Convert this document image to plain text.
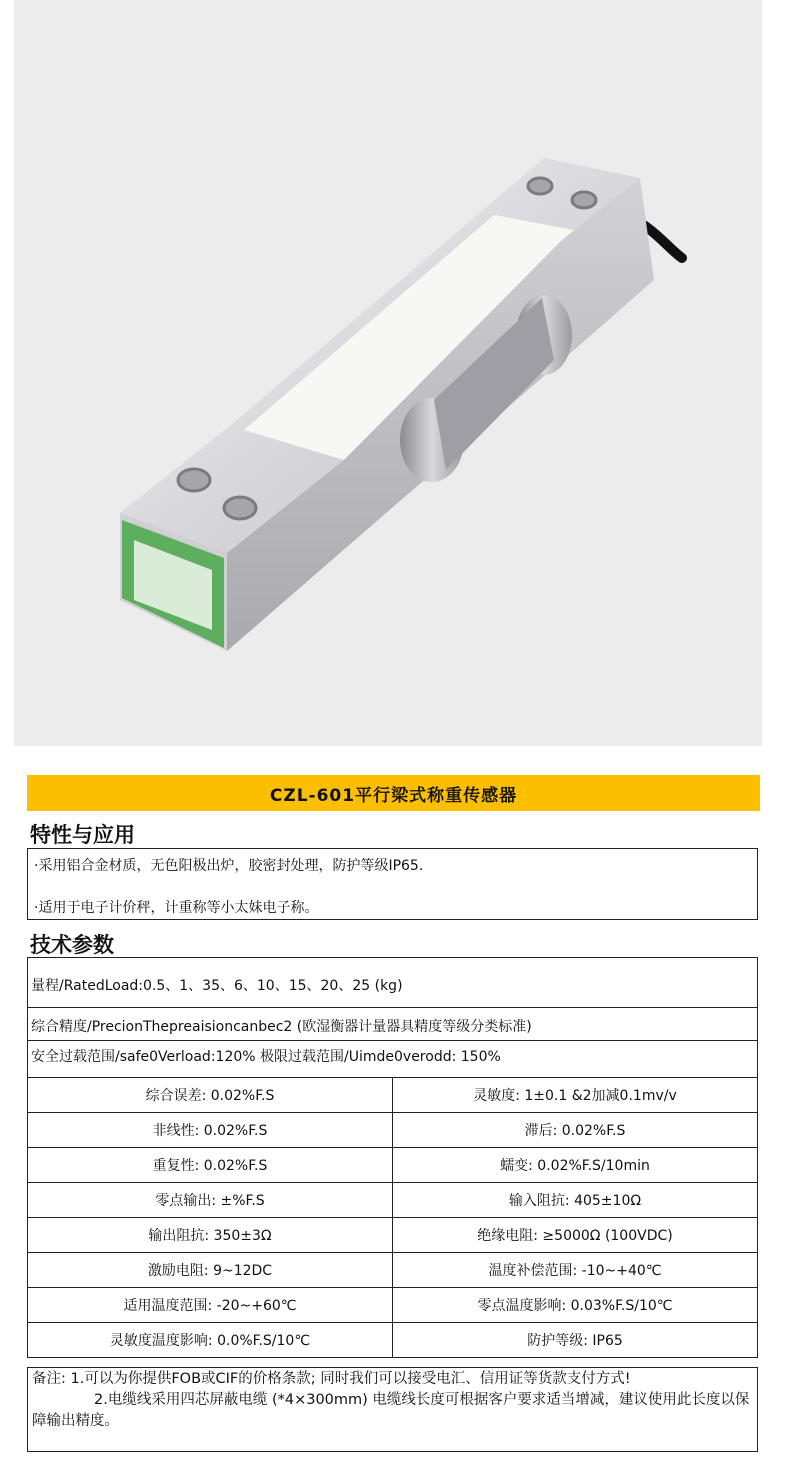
CZL-601平行梁式称重传感器
特性与应用
·采用铝合金材质，无色阳极出炉，胶密封处理，防护等级IP65.
·适用于电子计价秤，计重称等小太妹电子称。
技术参数
量程/RatedLoad:0.5、1、35、6、10、15、20、25 (kg)
综合精度/PrecionThepreaisioncanbec2 (欧湿衡器计量器具精度等级分类标准)
安全过载范围/safe0Verload:120% 极限过载范围/Uimde0verodd: 150%
综合误差: 0.02%F.S	灵敏度: 1±0.1 &2加减0.1mv/v
非线性: 0.02%F.S	滞后: 0.02%F.S
重复性: 0.02%F.S	蠕变: 0.02%F.S/10min
零点输出: ±%F.S	输入阻抗: 405±10Ω
输出阻抗: 350±3Ω	绝缘电阻: ≥5000Ω (100VDC)
激励电阻: 9~12DC	温度补偿范围: -10~+40℃
适用温度范围: -20~+60℃	零点温度影响: 0.03%F.S/10℃
灵敏度温度影响: 0.0%F.S/10℃	防护等级: IP65
备注: 1.可以为你提供FOB或CIF的价格条款; 同时我们可以接受电汇、信用证等货款支付方式!
2.电缆线采用四芯屏蔽电缆 (*4×300mm) 电缆线长度可根据客户要求适当增减，建议使用此长度以保障输出精度。
